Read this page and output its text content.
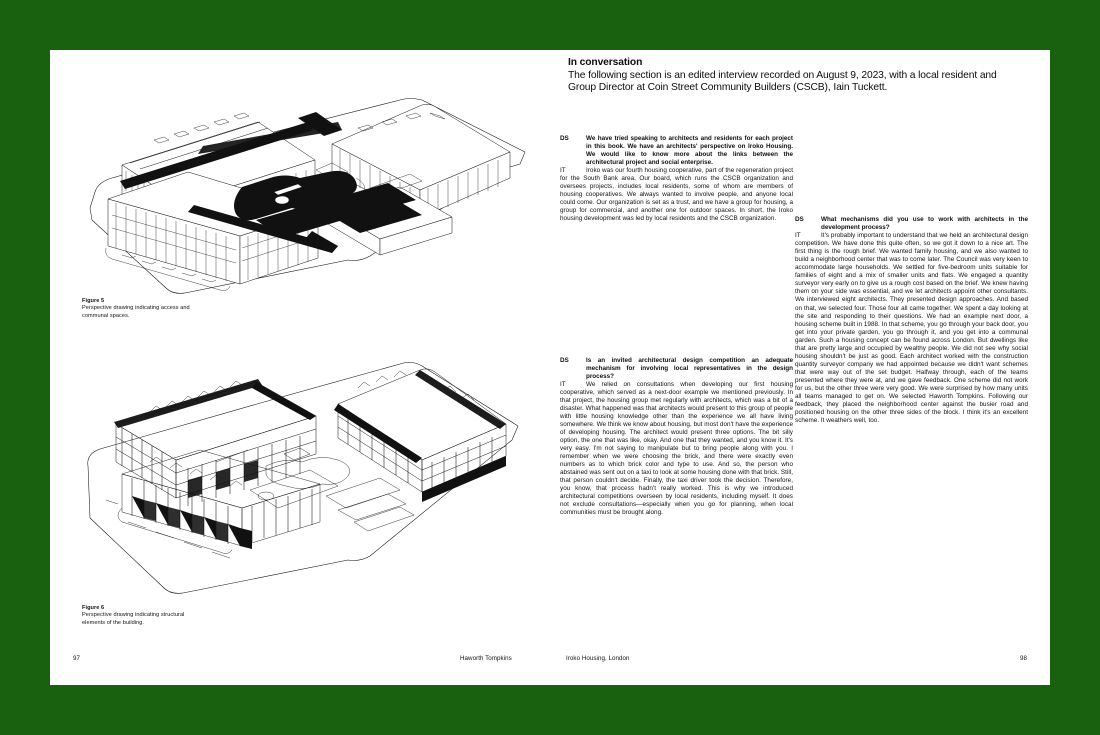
Figure 5
Perspective drawing indicating access and communal spaces.
Figure 6
Perspective drawing indicating structural elements of the building.
In conversation

The following section is an edited interview recorded on August 9, 2023, with a local resident and Group Director at Coin Street Community Builders (CSCB), Iain Tuckett.

DS	We have tried speaking to architects and residents for each project in this book. We have an architects' perspective on Iroko Housing. We would like to know more about the links between the architectural project and social enterprise.
IT	Iroko was our fourth housing cooperative, part of the regeneration project for the South Bank area. Our board, which runs the CSCB organization and oversees projects, includes local residents, some of whom are members of housing cooperatives. We always wanted to involve people, and anyone local could come. Our organization is set as a trust, and we have a group for housing, a group for commercial, and another one for outdoor spaces. In short, the Iroko housing development was led by local residents and the CSCB organization.
DS	Is an invited architectural design competition an adequate mechanism for involving local representatives in the design process?
IT	We relied on consultations when developing our first housing cooperative, which served as a next-door example we mentioned previously. In that project, the housing group met regularly with architects, which was a bit of a disaster. What happened was that architects would present to this group of people with little housing knowledge other than the experience we all have living somewhere. We think we know about housing, but most don't have the experience of developing housing. The architect would present three options. The bit silly option, the one that was like, okay. And one that they wanted, and you know it. It's very easy. I'm not saying to manipulate but to bring people along with you. I remember when we were choosing the brick, and there were exactly even numbers as to which brick color and type to use. And so, the person who abstained was sent out on a taxi to look at some housing done with that brick. Still, that person couldn't decide. Finally, the taxi driver took the decision. Therefore, you know, that process hadn't really worked. This is why we introduced architectural competitions overseen by local residents, including myself. It does not exclude consultations—especially when you go for planning, when local communities must be brought along.
DS	What mechanisms did you use to work with architects in the development process?
IT	It's probably important to understand that we held an architectural design competition. We have done this quite often, so we got it down to a nice art. The first thing is the rough brief. We wanted family housing, and we also wanted to build a neighborhood center that was to come later. The Council was very keen to accommodate large households. We settled for five-bedroom units suitable for families of eight and a mix of smaller units and flats. We engaged a quantity surveyor very early on to give us a rough cost based on the brief. We knew having them on your side was essential, and we let architects appoint other consultants. We interviewed eight architects. They presented design approaches. And based on that, we selected four. Those four all came together. We spent a day looking at the site and responding to their questions. We had an example next door, a housing scheme built in 1988. In that scheme, you go through your back door, you get into your private garden, you go through it, and you get into a communal garden. Such a housing concept can be found across London. But dwellings like that are pretty large and occupied by wealthy people. We did not see why social housing shouldn't be just as good. Each architect worked with the construction quantity surveyor company we had appointed because we didn't want schemes that were way out of the set budget. Halfway through, each of the teams presented where they were at, and we gave feedback. One scheme did not work for us, but the other three were very good. We were surprised by how many units all teams managed to get on. We selected Haworth Tompkins. Following our feedback, they placed the neighborhood center against the busier road and positioned housing on the other three sides of the block. I think it's an excellent scheme. It weathers well, too.
97	Haworth Tompkins	Iroko Housing, London	98
